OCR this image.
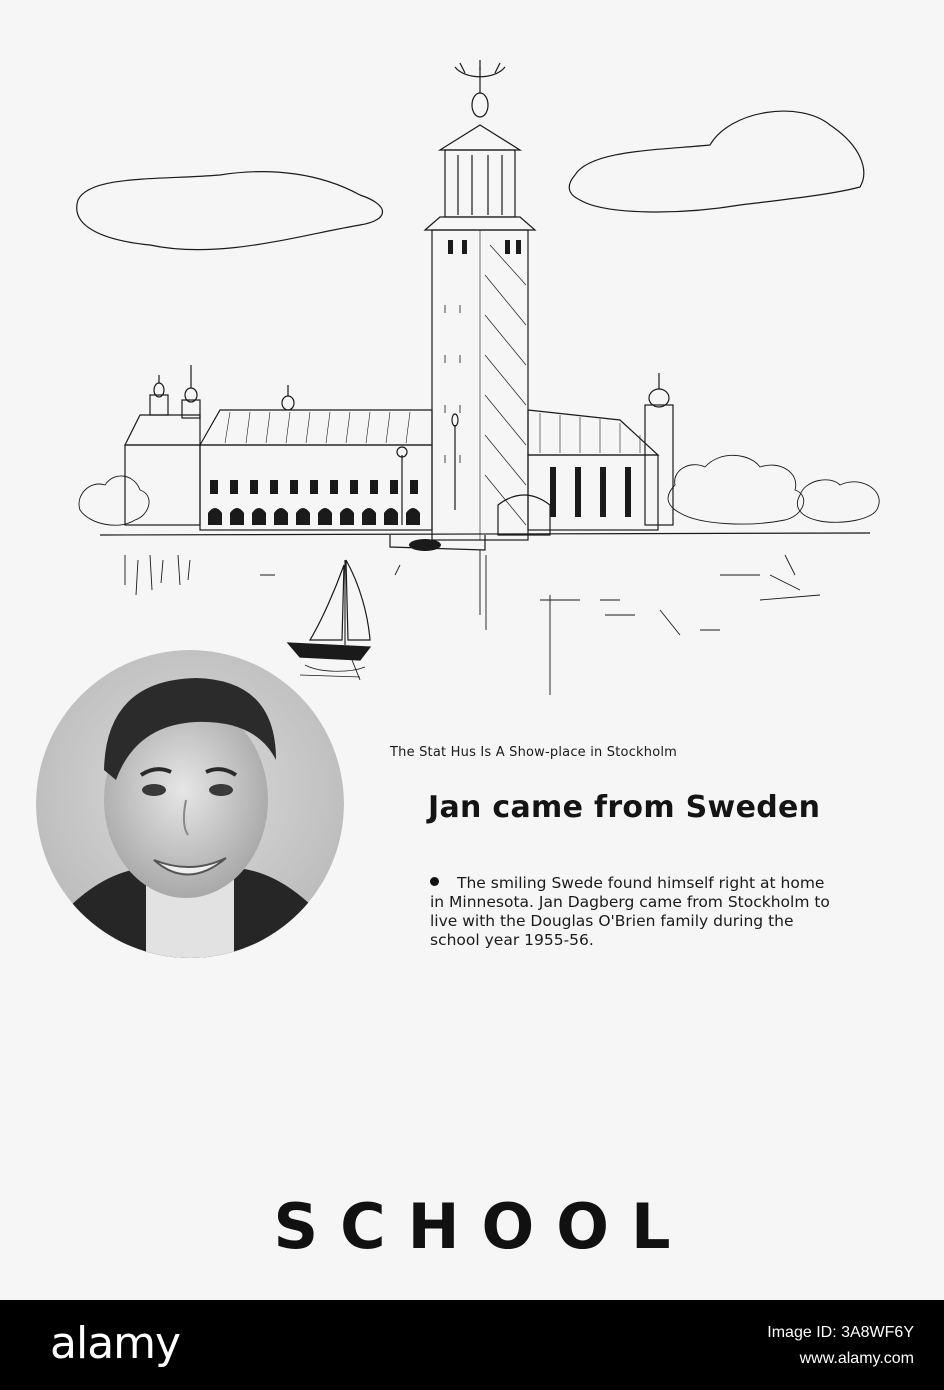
The Stat Hus Is A Show-place in Stockholm
Jan came from Sweden
The smiling Swede found himself right at home in Minnesota. Jan Dagberg came from Stockholm to live with the Douglas O'Brien family during the school year 1955-56.
SCHOOL
alamy	Image ID: 3A8WF6Y
www.alamy.com
